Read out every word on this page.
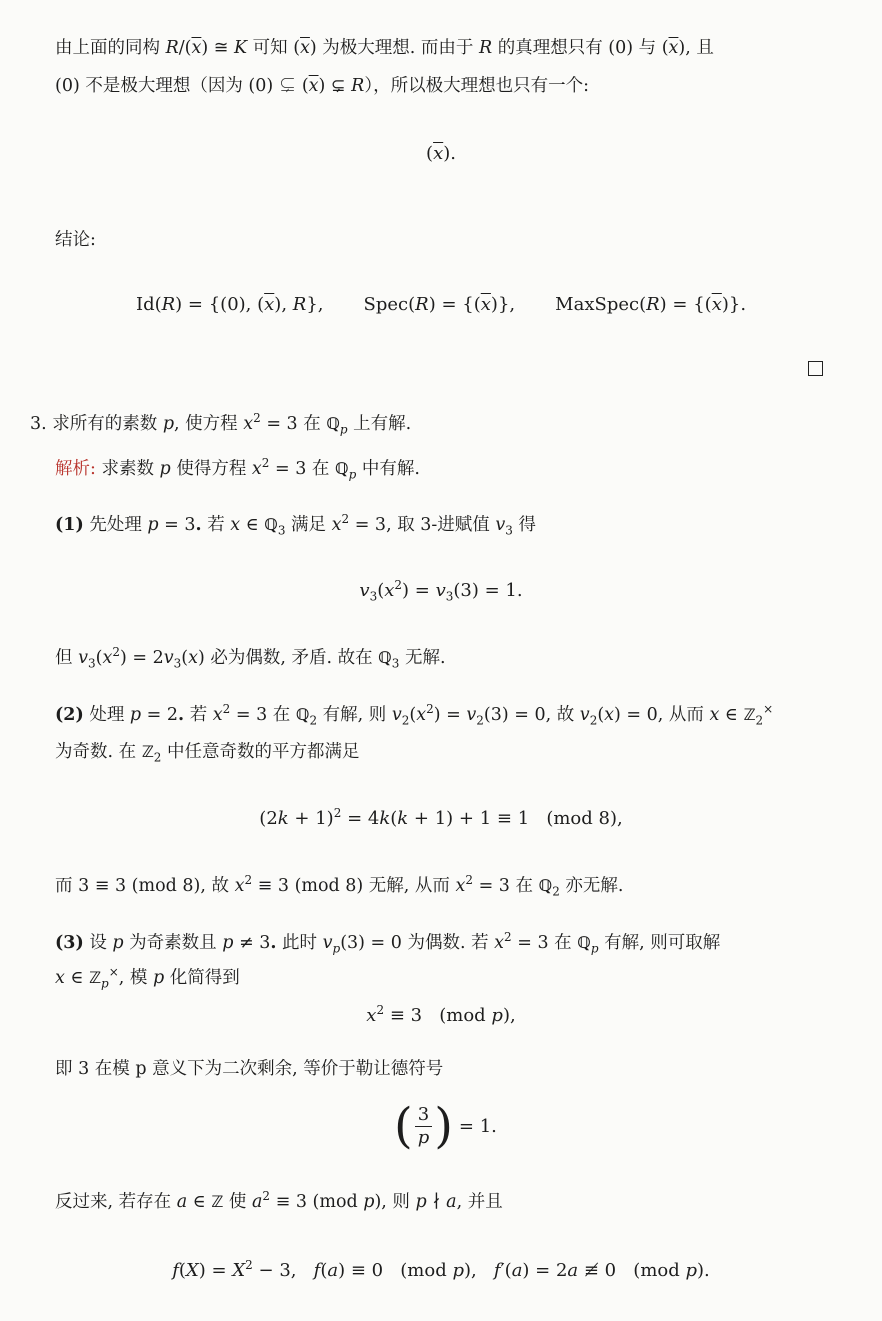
由上面的同构 $R/(\overline{x})$ ≅ K 可知 $(\overline{x})$ 为极大理想. 而由于 R 的真理想只有 (0) 与 $(\overline{x})$, 且
(0) 不是极大理想（因为 (0) ⊊ $(\overline{x})$ ⊊ R），所以极大理想也只有一个:
$(\overline{x})$.
结论:
Id(R) = {(0), $(\overline{x})$, R},       Spec(R) = $\{(\overline{x})\}$,       MaxSpec(R) = $\{(\overline{x})\}$.
3. 求所有的素数 p, 使方程 $x^2 = 3$ 在 ℚ$_p$ 上有解.
解析: 求素数 p 使得方程 $x^2 = 3$ 在 ℚ$_p$ 中有解.
(1) 先处理 p = 3. 若 x ∈ ℚ$_3$ 满足 $x^2 = 3$, 取 3-进赋值 $v_3$ 得
$v_3(x^2) = v_3(3) = 1$.
但 $v_3(x^2) = 2v_3(x)$ 必为偶数, 矛盾. 故在 ℚ$_3$ 无解.
(2) 处理 p = 2. 若 $x^2 = 3$ 在 ℚ$_2$ 有解, 则 $v_2(x^2) = v_2(3) = 0$, 故 $v_2(x) = 0$, 从而 x ∈ ℤ$_2$×
为奇数. 在 ℤ$_2$ 中任意奇数的平方都满足
$(2k + 1)^2 = 4k(k + 1) + 1 \equiv 1$   (mod 8),
而 3 ≡ 3 (mod 8), 故 $x^2 \equiv 3$ (mod 8) 无解, 从而 $x^2 = 3$ 在 ℚ$_2$ 亦无解.
(3) 设 p 为奇素数且 p ≠ 3. 此时 $v_p(3) = 0$ 为偶数. 若 $x^2 = 3$ 在 ℚ$_p$ 有解, 则可取解
x ∈ ℤ$_p$×, 模 p 化简得到
$x^2 \equiv 3$   (mod p),
即 3 在模 p 意义下为二次剩余, 等价于勒让德符号
( $\frac{3}{p}$ ) = 1.
反过来, 若存在 a ∈ ℤ 使 $a^2 \equiv 3$ (mod p), 则 p ∤ a, 并且
$f(X) = X^2 - 3$,   f(a) ≡ 0   (mod p),   f′(a) = 2a ≢ 0   (mod p).
